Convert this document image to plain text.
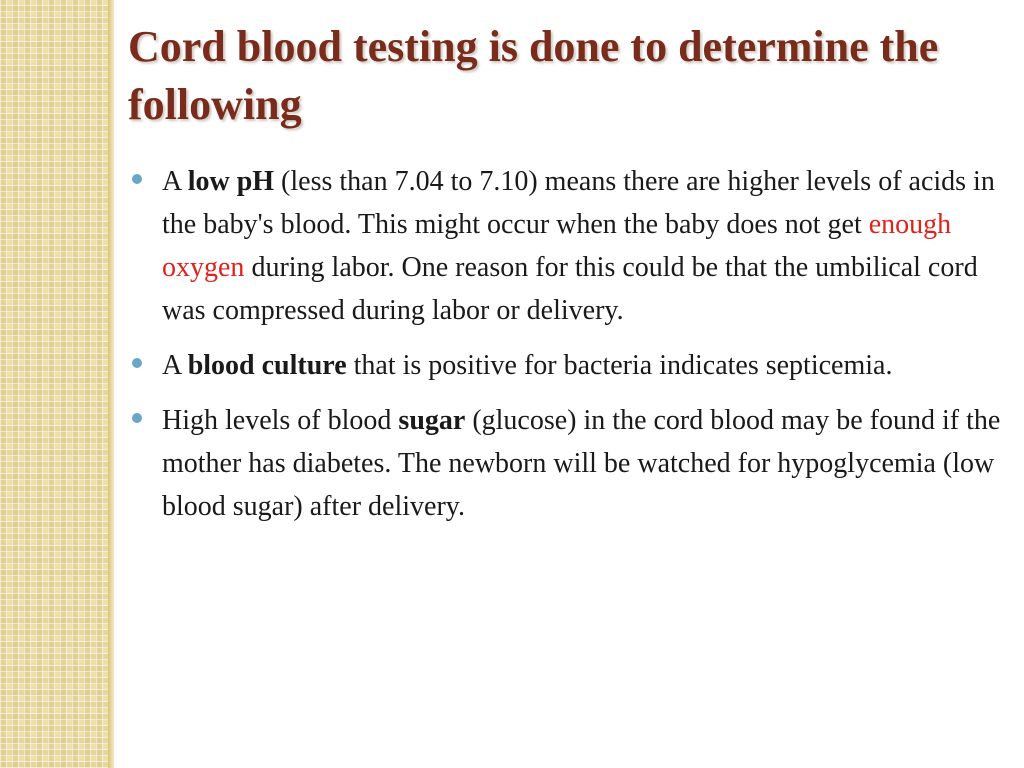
Cord blood testing is done to determine the following
A low pH (less than 7.04 to 7.10) means there are higher levels of acids in the baby's blood. This might occur when the baby does not get enough oxygen during labor. One reason for this could be that the umbilical cord was compressed during labor or delivery.
A blood culture that is positive for bacteria indicates septicemia.
High levels of blood sugar (glucose) in the cord blood may be found if the mother has diabetes. The newborn will be watched for hypoglycemia (low blood sugar) after delivery.
